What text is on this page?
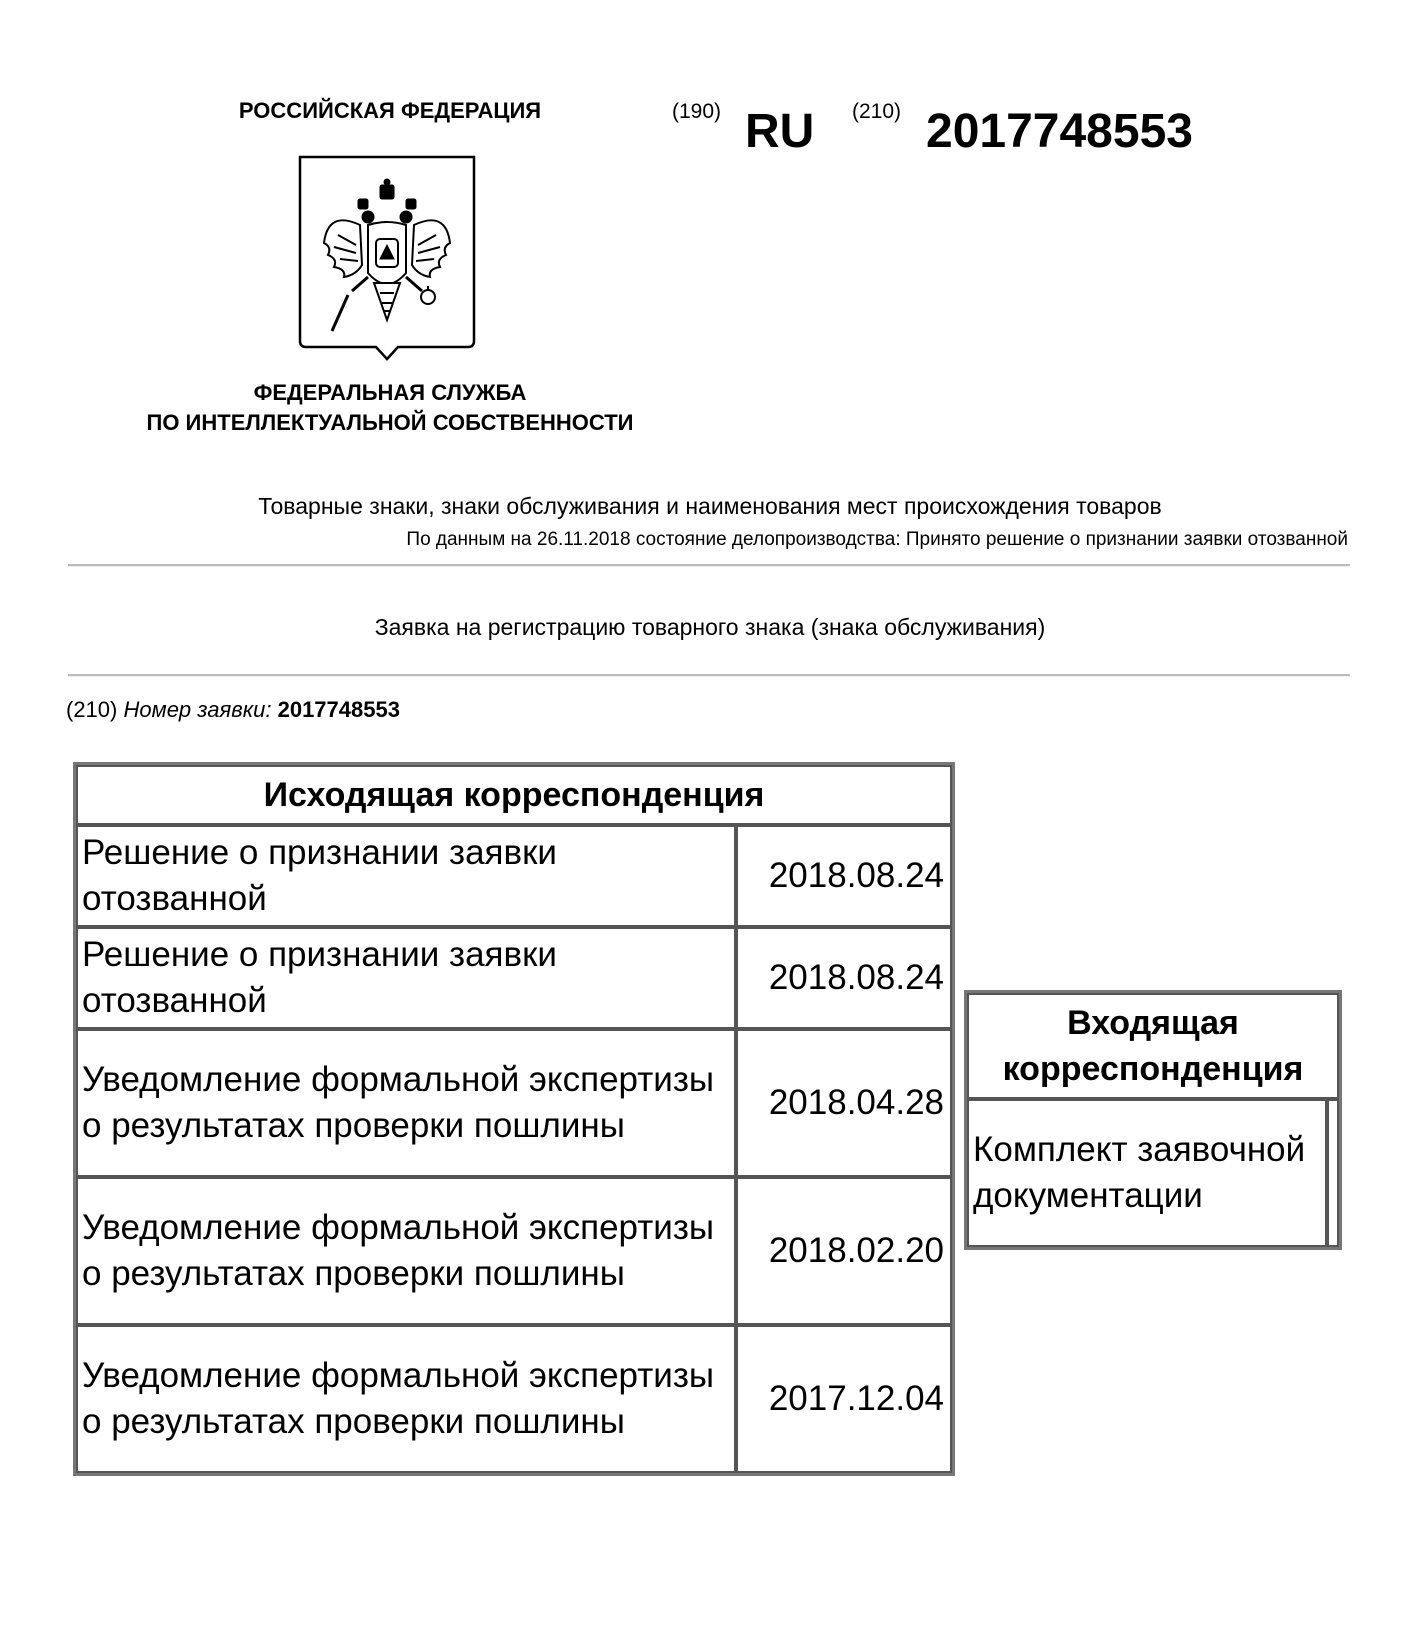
РОССИЙСКАЯ ФЕДЕРАЦИЯ	(190) RU (210) 2017748553
ФЕДЕРАЛЬНАЯ СЛУЖБА
ПО ИНТЕЛЛЕКТУАЛЬНОЙ СОБСТВЕННОСТИ
Товарные знаки, знаки обслуживания и наименования мест происхождения товаров
По данным на 26.11.2018 состояние делопроизводства: Принято решение о признании заявки отозванной
Заявка на регистрацию товарного знака (знака обслуживания)
(210) Номер заявки: 2017748553
Исходящая корреспонденция	
Решение о признании заявки отозванной	2018.08.24
Решение о признании заявки отозванной	2018.08.24
Уведомление формальной экспертизы о результатах проверки пошлины	2018.04.28
Уведомление формальной экспертизы о результатах проверки пошлины	2018.02.20
Уведомление формальной экспертизы о результатах проверки пошлины	2017.12.04
Входящая корреспонденция
Комплект заявочной документации	
